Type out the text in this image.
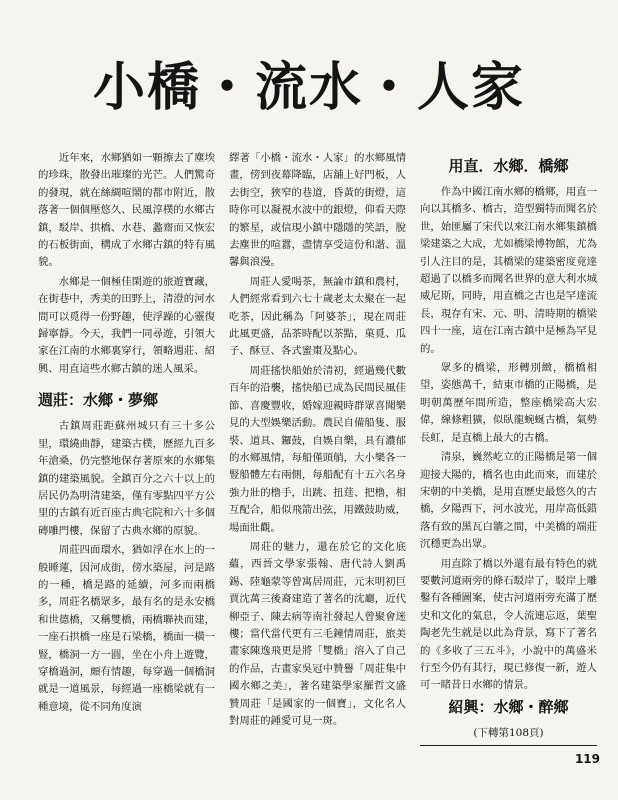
小橋・流水・人家

近年來，水鄉猶如一顆擦去了塵埃的珍珠，散發出璀璨的光芒。人們驚奇的發現，就在絲綢喧鬧的都市附近，散落著一個個壓悠久、民風淳樸的水鄉古鎮，駁岸、拱橋、水巷、蠡齋而又恢宏的石板街面，構成了水鄉古鎮的特有風貌。

水鄉是一個極佳閑遊的旅遊寶藏，在街巷中，秀美的田野上，清澄的河水間可以覓得一份野趣，使浮躁的心靈復歸寧靜。今天，我們一同尋遊，引領大家在江南的水鄉裏穿行，領略週莊、紹興、用直這些水鄉古鎮的迷人風采。

週莊：水鄉・夢鄉

古鎮周莊距蘇州城只有三十多公里，環繞曲靜，建築古樸，歷經九百多年滄桑，仍完整地保存著原來的水鄉集鎮的建築風貌。全鎮百分之六十以上的居民仍為明清建築，僅有零點四平方公里的古鎮有近百座古典宅院和六十多個磚雕門樓，保留了古典水鄉的原貌。

周莊四面環水，猶如浮在水上的一般睡蓮，因河成街，傍水築屋，河是路的一種，橋是路的延續，河多而兩橋多，周莊名橋眾多，最有名的是永安橋和世德橋，又稱雙橋，兩橋聯袂而建，一座石拱橋一座是石梁橋，橋面一橫一豎，橋洞一方一圓，坐在小舟上遊覽，穿橋過洞，頗有情趣，每穿過一個橋洞就是一道風景，每經過一座橋梁就有一種意境，從不同角度演

繹著「小橋・流水・人家」的水鄉風情畫，傍到夜幕降臨，店舖上好門板，人去街空，狹窄的巷道，昏黃的街燈，這時你可以凝視水波中的銀燈，仰看天際的繁星，或信現小鎮中隱隱的笑語，脫去塵世的喧囂，盡情享受這份和諧、溫馨與浪漫。

周莊人愛喝茶，無論市鎮和農村，人們經常看到六七十歲老太太聚在一起吃茶，因此稱為「阿婆茶」，現在周莊此風更盛，品茶時配以茶點，菓覓、瓜子、酥豆、各式蜜棗及點心。

周莊搖快船始於清初，經過幾代數百年的沿襲，搖快船已成為民間民風佳節、喜慶豐收，婚嫁迎親時群眾喜聞樂見的大型娛樂活動。農民自備船隻、服裝、道具、鑼鼓，自娛自樂，具有濃郁的水鄉風情，每船僅頭艄，大小樂各一豎船體左右兩側，每船配有十五六名身強力壯的橹手，出跳、扭莛、把橹，相互配合，船似飛箭出弦，用鐵鼓助威，場面壯觀。

周莊的魅力，還在於它的文化底蘊，西晉文學家張翰、唐代詩人劉禹錫、陸龜蒙等曾寓居周莊，元末明初巨賈沈萬三後裔建造了著名的沈廳，近代柳亞子、陳去病等南社發起人曾聚會迷樓；當代當代更有三毛鐘情周莊，旅美畫家陳逸飛更是將「雙橋」溶入了自己的作品，古畫家吳冠中贊譽「周莊集中國水鄉之美」，著名建築學家羅哲文盛贊周莊「是國家的一個寶」，文化名人對周莊的鍾愛可見一斑。

用直．水鄉．橋鄉

作為中國江南水鄉的橋鄉，用直一向以其橋多、橋古，造型獨特而聞名於世，始匪屬了宋代以來江南水鄉集鎮橋梁建築之大成，尤如橋梁博物館，尤為引人注目的是，其橋梁的建築密度竟達超過了以橋多而聞名世界的意大利水城威尼斯，同時，用直橋之古也是罕達流長，現存有宋、元、明、清時期的橋梁四十一座，這在江南古鎮中是極為罕見的。

眾多的橋梁，形轉別緻，橋橋相望，姿態萬千，結東市橋的正陽橋，是明朝萬歷年間所造，整座橋梁高大宏偉，線條粗獷，似臥龍蜿蜒古橋，氣勢長虹，是直橋上最大的古橋。

清泉，巍然屹立的正陽橋是第一個迎接大陽的，橋名也由此而來，而建於宋朝的中美橋，是用直歷史最悠久的古橋，夕陽西下，河水波光，用岸高低錯落有致的黑瓦白牆之間，中美橋的端莊沉穩更為出眾。

用直除了橋以外還有最有特色的就要數河道兩旁的條石駁岸了，駁岸上雕鑿有各種圖案，使古河道兩旁充滿了歷史和文化的氣息，令人流連忘返，葉聖陶老先生就是以此為背景，寫下了著名的《多收了三五斗》，小說中的萬盛米行至今仍有其行，現已修復一新，遊人可一睹昔日水鄉的情景。

紹興：水鄉・醉鄉
(下轉第108頁)
119
